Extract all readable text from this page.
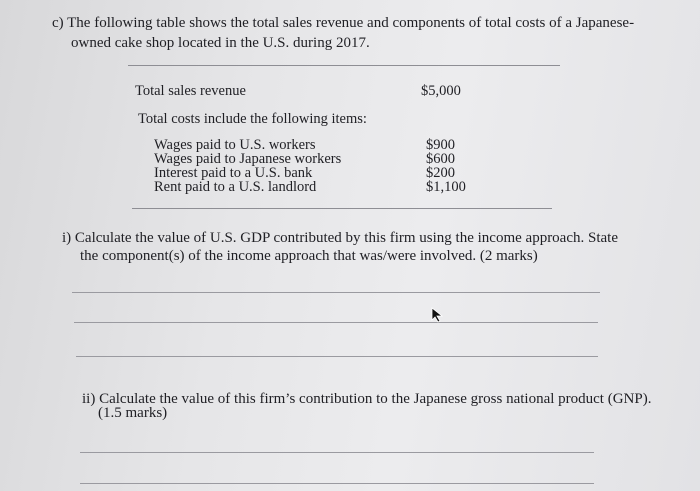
c) The following table shows the total sales revenue and components of total costs of a Japanese-
owned cake shop located in the U.S. during 2017.
Total sales revenue	$5,000
Total costs include the following items:
Wages paid to U.S. workers	$900
Wages paid to Japanese workers	$600
Interest paid to a U.S. bank	$200
Rent paid to a U.S. landlord	$1,100
i) Calculate the value of U.S. GDP contributed by this firm using the income approach. State
the component(s) of the income approach that was/were involved. (2 marks)
ii) Calculate the value of this firm’s contribution to the Japanese gross national product (GNP).
(1.5 marks)
